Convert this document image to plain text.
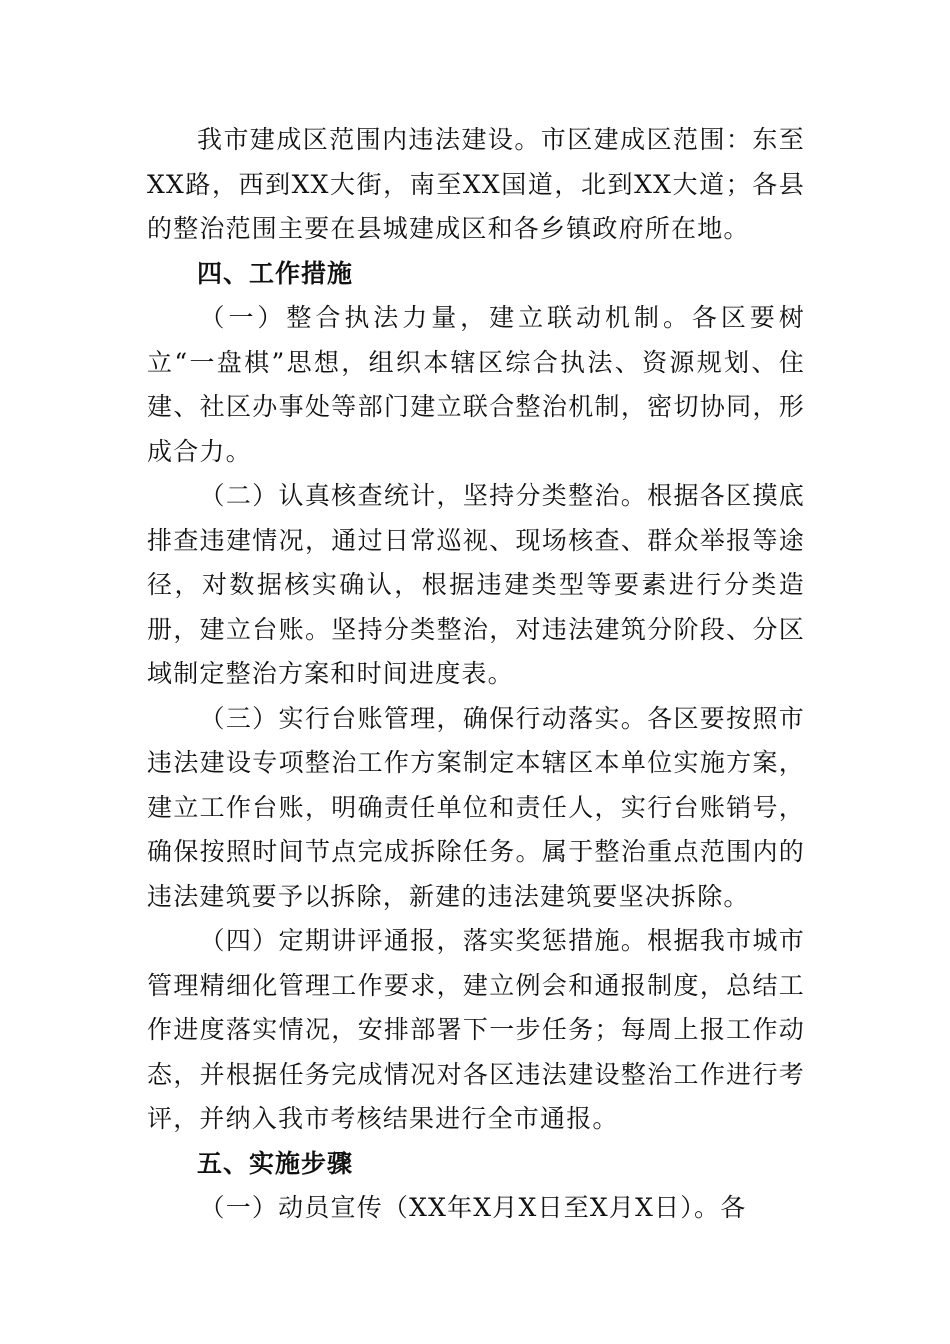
我市建成区范围内违法建设。市区建成区范围：东至XX路，西到XX大街，南至XX国道，北到XX大道；各县的整治范围主要在县城建成区和各乡镇政府所在地。

四、工作措施

（一）整合执法力量，建立联动机制。各区要树立“一盘棋”思想，组织本辖区综合执法、资源规划、住建、社区办事处等部门建立联合整治机制，密切协同，形成合力。

（二）认真核查统计，坚持分类整治。根据各区摸底排查违建情况，通过日常巡视、现场核查、群众举报等途径，对数据核实确认，根据违建类型等要素进行分类造册，建立台账。坚持分类整治，对违法建筑分阶段、分区域制定整治方案和时间进度表。

（三）实行台账管理，确保行动落实。各区要按照市违法建设专项整治工作方案制定本辖区本单位实施方案，建立工作台账，明确责任单位和责任人，实行台账销号，确保按照时间节点完成拆除任务。属于整治重点范围内的违法建筑要予以拆除，新建的违法建筑要坚决拆除。

（四）定期讲评通报，落实奖惩措施。根据我市城市管理精细化管理工作要求，建立例会和通报制度，总结工作进度落实情况，安排部署下一步任务；每周上报工作动态，并根据任务完成情况对各区违法建设整治工作进行考评，并纳入我市考核结果进行全市通报。

五、实施步骤

（一）动员宣传（XX年X月X日至X月X日）。各
